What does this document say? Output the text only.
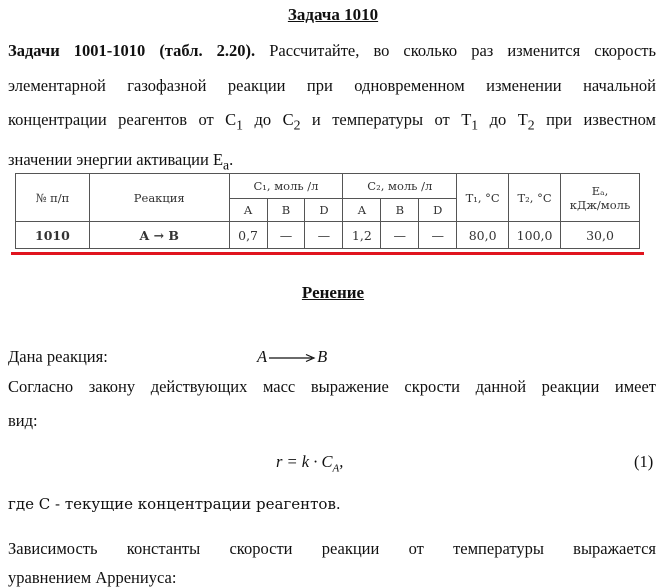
Задача 1010
Задачи 1001-1010 (табл. 2.20). Рассчитайте, во сколько раз изменится скорость
элементарной газофазной реакции при одновременном изменении начальной
концентрации реагентов от $C_1$ до $C_2$ и температуры от $T_1$ до $T_2$ при известном
значении энергии активации $E_a$.
№ п/п	Реакция	C₁, моль /л			C₂, моль /л			T₁, °C	T₂, °C	Eₐ,
кДж/моль
		A	B	D	A	B	D			
1010	A → B	0,7	—	—	1,2	—	—	80,0	100,0	30,0
Ренение
Дана реакция:	A→B
Согласно закону действующих масс выражение скрости данной реакции имеет
вид:
$r = k \cdot C_A$,	(1)
где С - текущие концентрации реагентов.
Зависимость константы скорости реакции от температуры выражается
уравнением Аррениуса:
